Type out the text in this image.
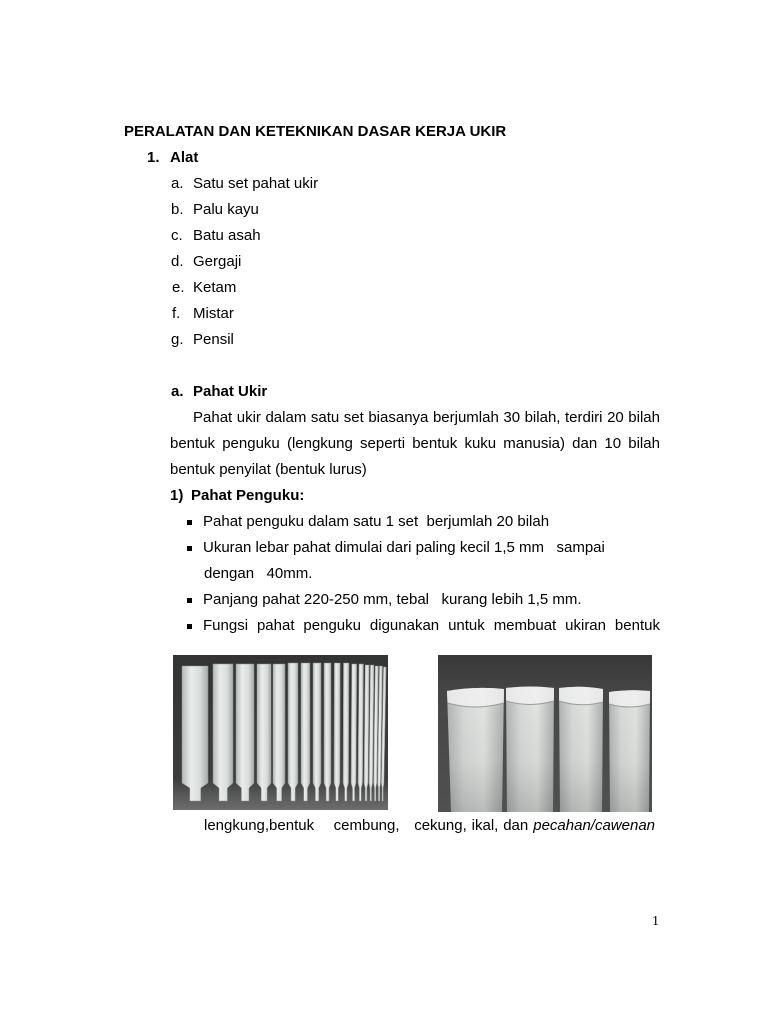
PERALATAN DAN KETEKNIKAN DASAR KERJA UKIR
1. Alat
a. Satu set pahat ukir
b. Palu kayu
c. Batu asah
d. Gergaji
e. Ketam
f. Mistar
g. Pensil
a. Pahat Ukir
Pahat ukir dalam satu set biasanya berjumlah 30 bilah, terdiri 20 bilah
bentuk penguku (lengkung seperti bentuk kuku manusia) dan 10 bilah
bentuk penyilat (bentuk lurus)
1) Pahat Penguku:
Pahat penguku dalam satu 1 set  berjumlah 20 bilah
Ukuran lebar pahat dimulai dari paling kecil 1,5 mm   sampai
dengan   40mm.
Panjang pahat 220-250 mm, tebal   kurang lebih 1,5 mm.
Fungsi pahat penguku digunakan untuk membuat ukiran bentuk
lengkung,bentuk cembung, cekung, ikal, dan pecahan/cawenan
1
